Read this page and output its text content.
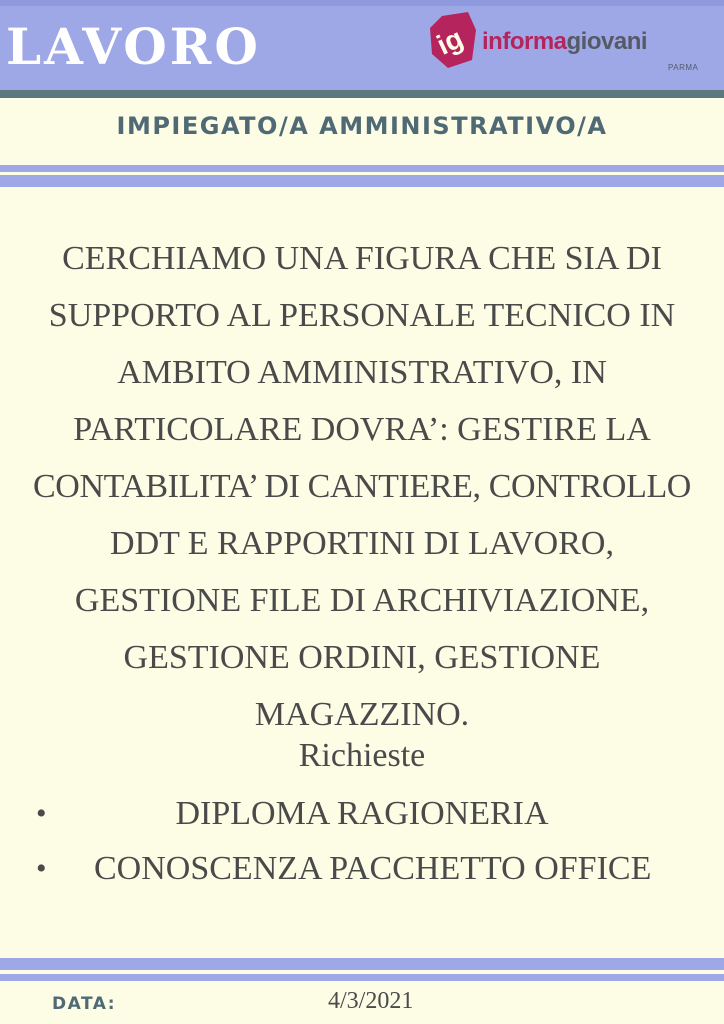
LAVORO	ig informagiovani
PARMA
IMPIEGATO/A AMMINISTRATIVO/A

CERCHIAMO UNA FIGURA CHE SIA DI

SUPPORTO AL PERSONALE TECNICO IN

AMBITO AMMINISTRATIVO, IN

PARTICOLARE DOVRA’: GESTIRE LA

CONTABILITA’ DI CANTIERE, CONTROLLO

DDT E RAPPORTINI DI LAVORO,

GESTIONE FILE DI ARCHIVIAZIONE,

GESTIONE ORDINI, GESTIONE

MAGAZZINO.

Richieste
•	DIPLOMA RAGIONERIA
• CONOSCENZA PACCHETTO OFFICE
DATA:	4/3/2021
